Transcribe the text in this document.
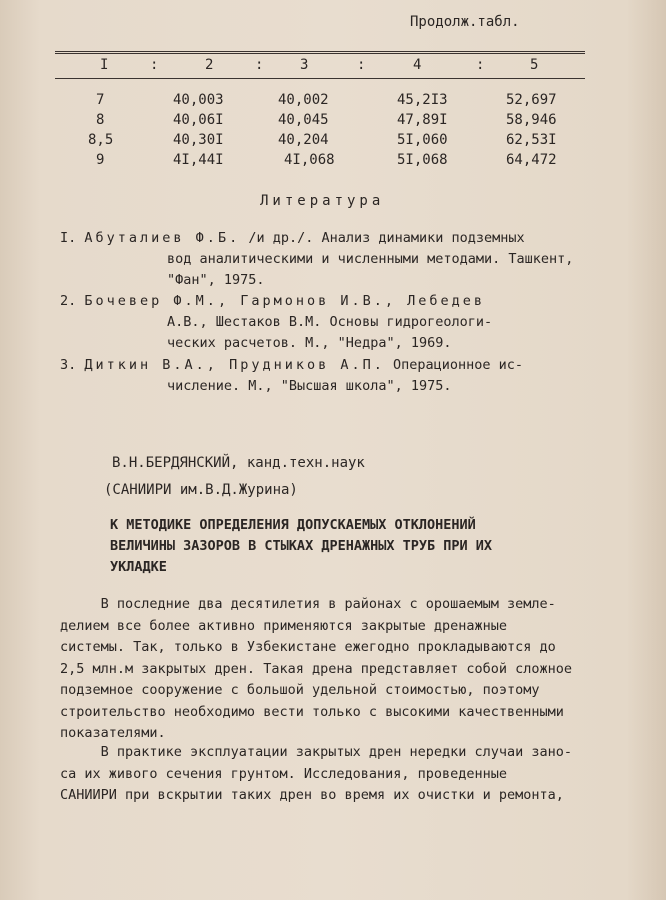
Продолж.табл.
I	:	2	:	3	:	4	:	5
7	40,003	40,002	45,2I3	52,697
8	40,06I	40,045	47,89I	58,946
8,5	40,30I	40,204	5I,060	62,53I
9	4I,44I	4I,068	5I,068	64,472
Литература
I. Абуталиев Ф.Б. /и др./. Анализ динамики подземных
вод аналитическими и численными методами. Ташкент,
"Фан", 1975.
2. Бочевер Ф.М., Гармонов И.В., Лебедев
А.В., Шестаков В.М. Основы гидрогеологи-
ческих расчетов. М., "Недра", 1969.
3. Диткин В.А., Прудников А.П. Операционное ис-
числение. М., "Высшая школа", 1975.
В.Н.БЕРДЯНСКИЙ, канд.техн.наук
(САНИИРИ им.В.Д.Журина)
К МЕТОДИКЕ ОПРЕДЕЛЕНИЯ ДОПУСКАЕМЫХ ОТКЛОНЕНИЙ
ВЕЛИЧИНЫ ЗАЗОРОВ В СТЫКАХ ДРЕНАЖНЫХ ТРУБ ПРИ ИХ
УКЛАДКЕ
В последние два десятилетия в районах с орошаемым земле-
делием все более активно применяются закрытые дренажные
системы. Так, только в Узбекистане ежегодно прокладываются до
2,5 млн.м закрытых дрен. Такая дрена представляет собой сложное
подземное сооружение с большой удельной стоимостью, поэтому
строительство необходимо вести только с высокими качественными
показателями.
В практике эксплуатации закрытых дрен нередки случаи зано-
са их живого сечения грунтом. Исследования, проведенные
САНИИРИ при вскрытии таких дрен во время их очистки и ремонта,
